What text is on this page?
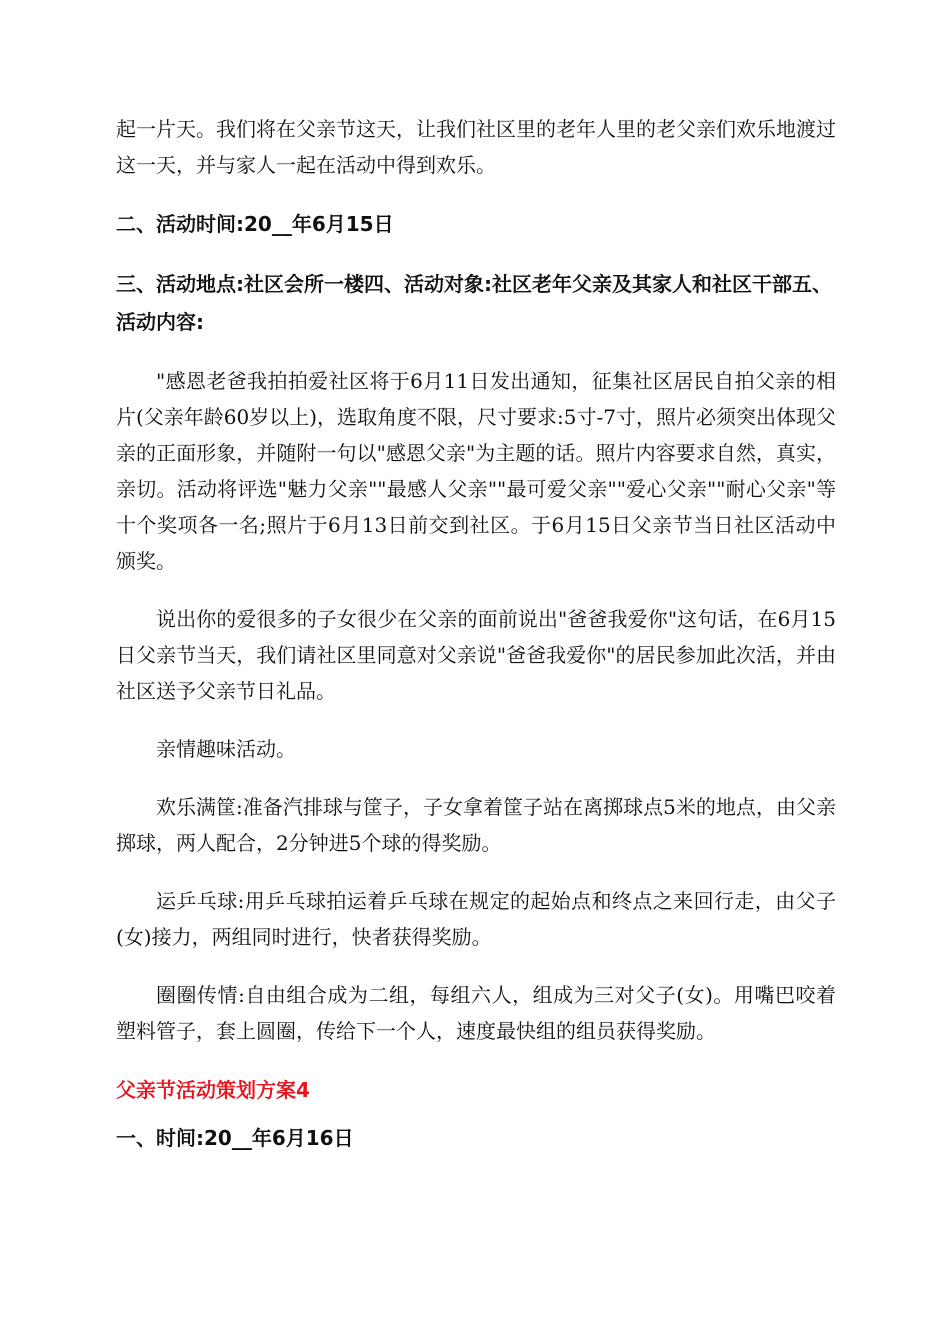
起一片天。我们将在父亲节这天，让我们社区里的老年人里的老父亲们欢乐地渡过这一天，并与家人一起在活动中得到欢乐。

二、活动时间:20__年6月15日

三、活动地点:社区会所一楼四、活动对象:社区老年父亲及其家人和社区干部五、活动内容:

"感恩老爸我拍拍爱社区将于6月11日发出通知，征集社区居民自拍父亲的相片(父亲年龄60岁以上)，选取角度不限，尺寸要求:5寸-7寸，照片必须突出体现父亲的正面形象，并随附一句以"感恩父亲"为主题的话。照片内容要求自然，真实，亲切。活动将评选"魅力父亲""最感人父亲""最可爱父亲""爱心父亲""耐心父亲"等十个奖项各一名;照片于6月13日前交到社区。于6月15日父亲节当日社区活动中颁奖。

说出你的爱很多的子女很少在父亲的面前说出"爸爸我爱你"这句话，在6月15日父亲节当天，我们请社区里同意对父亲说"爸爸我爱你"的居民参加此次活，并由社区送予父亲节日礼品。

亲情趣味活动。

欢乐满筐:准备汽排球与筐子，子女拿着筐子站在离掷球点5米的地点，由父亲掷球，两人配合，2分钟进5个球的得奖励。

运乒乓球:用乒乓球拍运着乒乓球在规定的起始点和终点之来回行走，由父子(女)接力，两组同时进行，快者获得奖励。

圈圈传情:自由组合成为二组，每组六人，组成为三对父子(女)。用嘴巴咬着塑料管子，套上圆圈，传给下一个人，速度最快组的组员获得奖励。

父亲节活动策划方案4

一、时间:20__年6月16日
